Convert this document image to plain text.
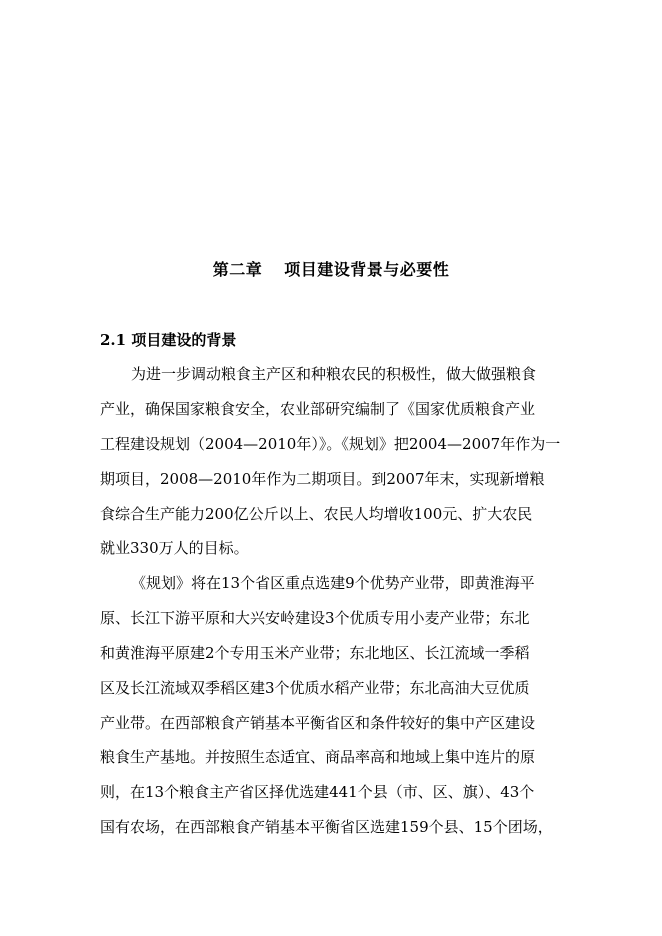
第二章 项目建设背景与必要性
2.1 项目建设的背景
为进一步调动粮食主产区和种粮农民的积极性，做大做强粮食
产业，确保国家粮食安全，农业部研究编制了《国家优质粮食产业
工程建设规划（2004—2010年）》。《规划》把2004—2007年作为一
期项目，2008—2010年作为二期项目。到2007年末，实现新增粮
食综合生产能力200亿公斤以上、农民人均增收100元、扩大农民
就业330万人的目标。
《规划》将在13个省区重点选建9个优势产业带，即黄淮海平
原、长江下游平原和大兴安岭建设3个优质专用小麦产业带；东北
和黄淮海平原建2个专用玉米产业带；东北地区、长江流域一季稻
区及长江流域双季稻区建3个优质水稻产业带；东北高油大豆优质
产业带。在西部粮食产销基本平衡省区和条件较好的集中产区建设
粮食生产基地。并按照生态适宜、商品率高和地域上集中连片的原
则，在13个粮食主产省区择优选建441个县（市、区、旗）、43个
国有农场，在西部粮食产销基本平衡省区选建159个县、15个团场，
